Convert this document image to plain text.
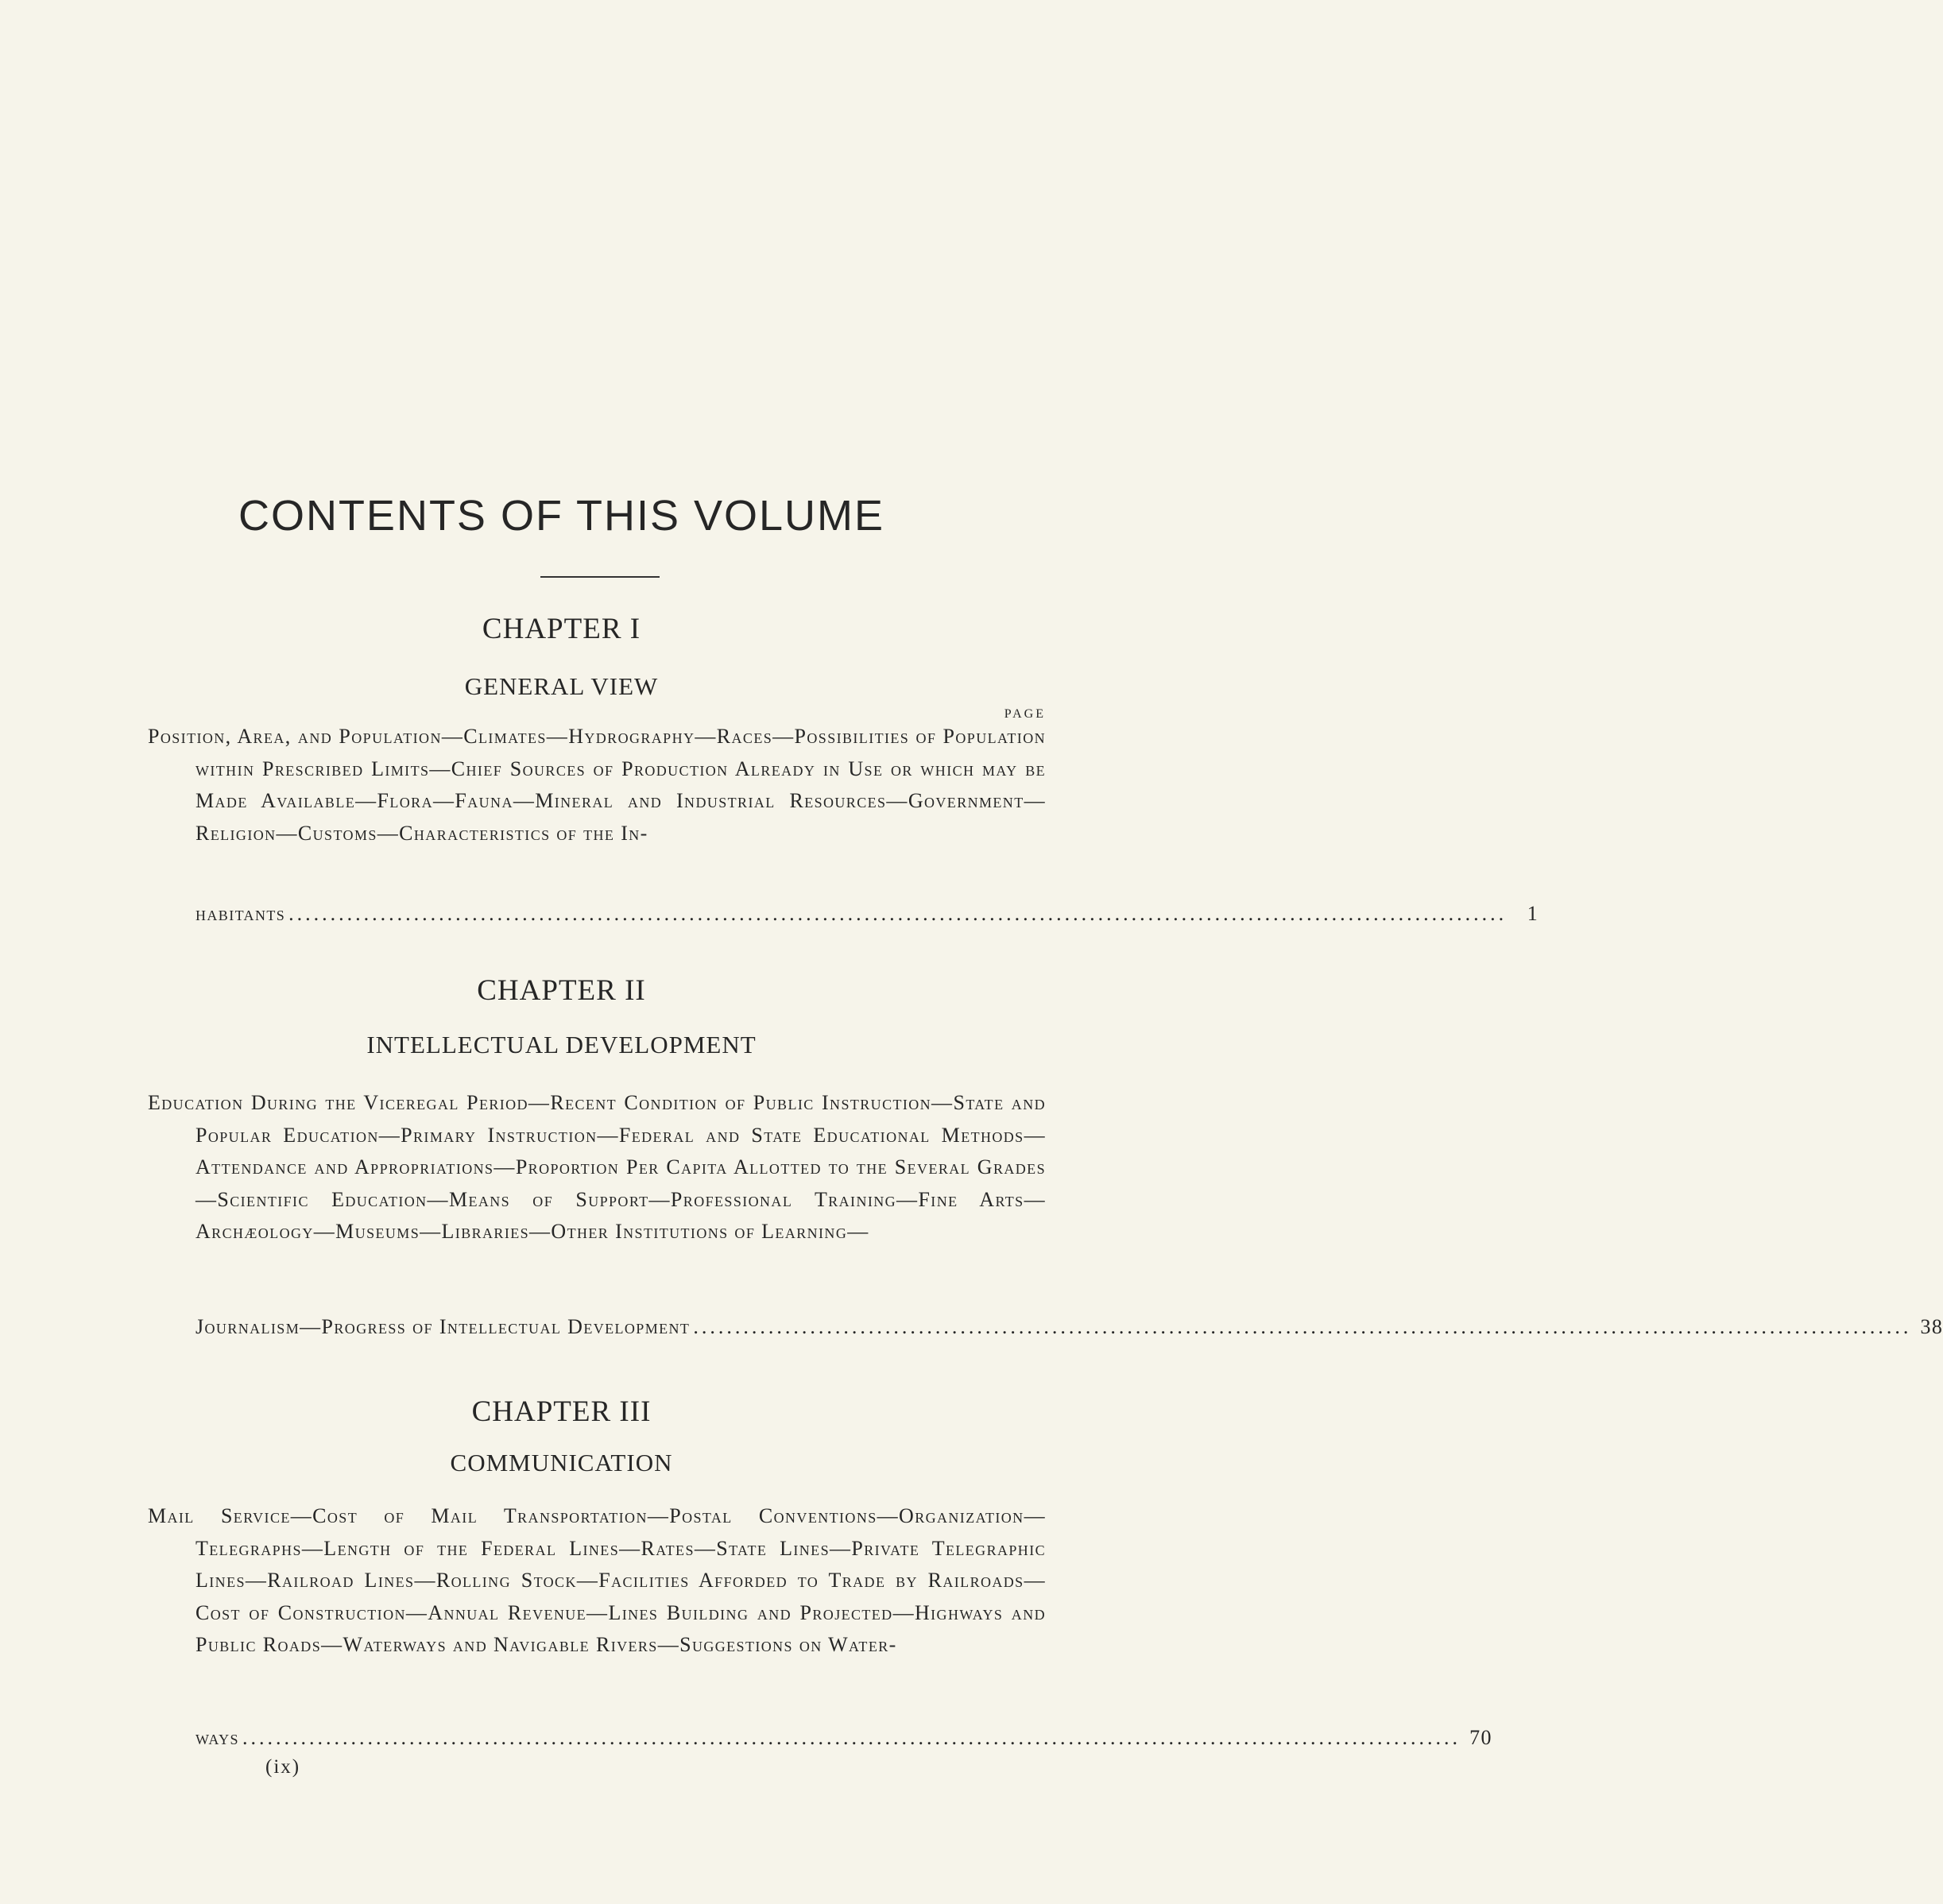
CONTENTS OF THIS VOLUME
CHAPTER I
GENERAL VIEW
PAGE
Position, Area, and Population—Climates—Hydrography—Races—Possibilities of Population within Prescribed Limits—Chief Sources of Production Already in Use or which may be Made Available—Flora—Fauna—Mineral and Industrial Resources—Government—Religion—Customs—Characteristics of the In-
habitants .................................................................................................................................................. 1
CHAPTER II
INTELLECTUAL DEVELOPMENT
Education During the Viceregal Period—Recent Condition of Public Instruction—State and Popular Education—Primary Instruction—Federal and State Educational Methods—Attendance and Appropriations—Proportion Per Capita Allotted to the Several Grades—Scientific Education—Means of Support—Professional Training—Fine Arts—Archæology—Museums—Libraries—Other Institutions of Learning—
Journalism—Progress of Intellectual Development .................................................................................................................................................. 38
CHAPTER III
COMMUNICATION
Mail Service—Cost of Mail Transportation—Postal Conventions—Organization—Telegraphs—Length of the Federal Lines—Rates—State Lines—Private Telegraphic Lines—Railroad Lines—Rolling Stock—Facilities Afforded to Trade by Railroads—Cost of Construction—Annual Revenue—Lines Building and Projected—Highways and Public Roads—Waterways and Navigable Rivers—Suggestions on Water-
ways .................................................................................................................................................. 70
(ix)
